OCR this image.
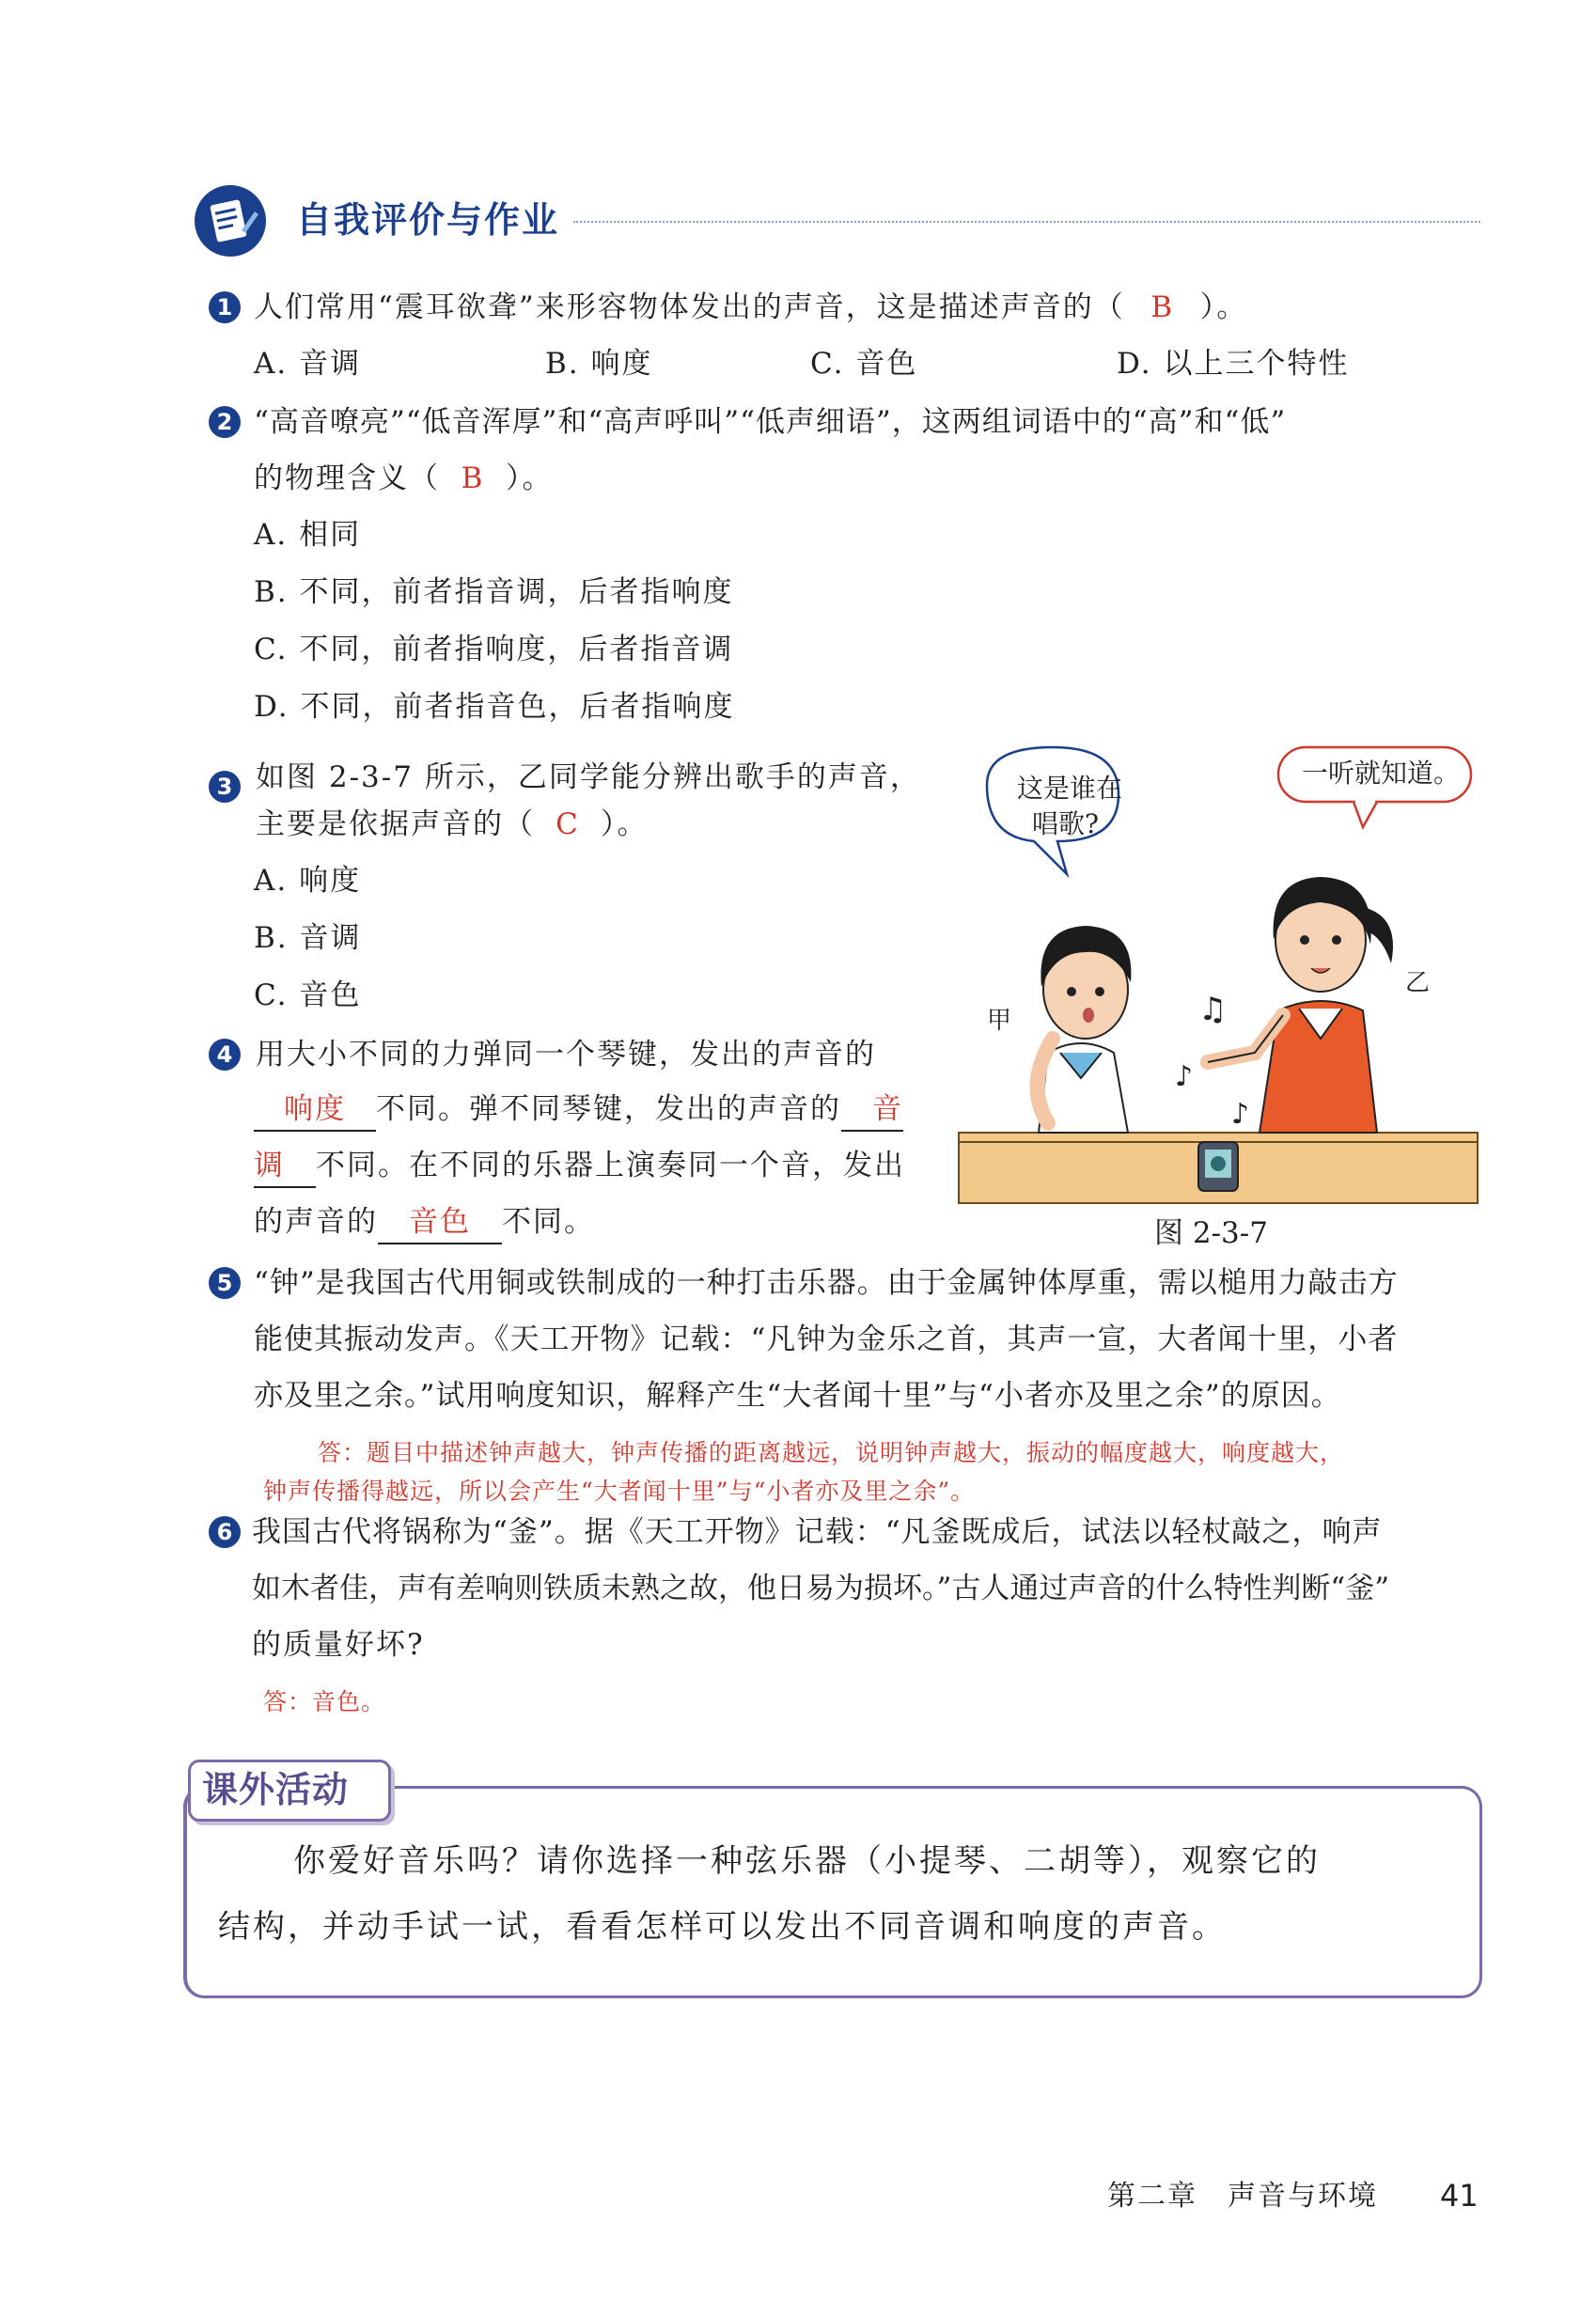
自我评价与作业
1 人们常用“震耳欲聋”来形容物体发出的声音，这是描述声音的（ B ）。
A. 音调	B. 响度	C. 音色	D. 以上三个特性
2 “高音嘹亮”“低音浑厚”和“高声呼叫”“低声细语”，这两组词语中的“高”和“低”
的物理含义（ B ）。
A. 相同
B. 不同，前者指音调，后者指响度
C. 不同，前者指响度，后者指音调
D. 不同，前者指音色，后者指响度
3 如图 2-3-7 所示，乙同学能分辨出歌手的声音，
主要是依据声音的（ C ）。
A. 响度
B. 音调
C. 音色
4 用大小不同的力弹同一个琴键，发出的声音的
响度 不同。弹不同琴键，发出的声音的 音
调 不同。在不同的乐器上演奏同一个音，发出
的声音的 音色 不同。
♫
♪
♪
这是谁在
唱歌?
一听就知道。
甲
乙
图 2-3-7
5 “钟”是我国古代用铜或铁制成的一种打击乐器。由于金属钟体厚重，需以槌用力敲击方
能使其振动发声。《天工开物》记载：“凡钟为金乐之首，其声一宣，大者闻十里，小者
亦及里之余。”试用响度知识，解释产生“大者闻十里”与“小者亦及里之余”的原因。
答：题目中描述钟声越大，钟声传播的距离越远，说明钟声越大，振动的幅度越大，响度越大，
钟声传播得越远，所以会产生“大者闻十里”与“小者亦及里之余”。
6 我国古代将锅称为“釜”。据《天工开物》记载：“凡釜既成后，试法以轻杖敲之，响声
如木者佳，声有差响则铁质未熟之故，他日易为损坏。”古人通过声音的什么特性判断“釜”
的质量好坏?
答：音色。
课外活动
你爱好音乐吗？请你选择一种弦乐器（小提琴、二胡等），观察它的
结构，并动手试一试，看看怎样可以发出不同音调和响度的声音。
第二章　声音与环境 41
